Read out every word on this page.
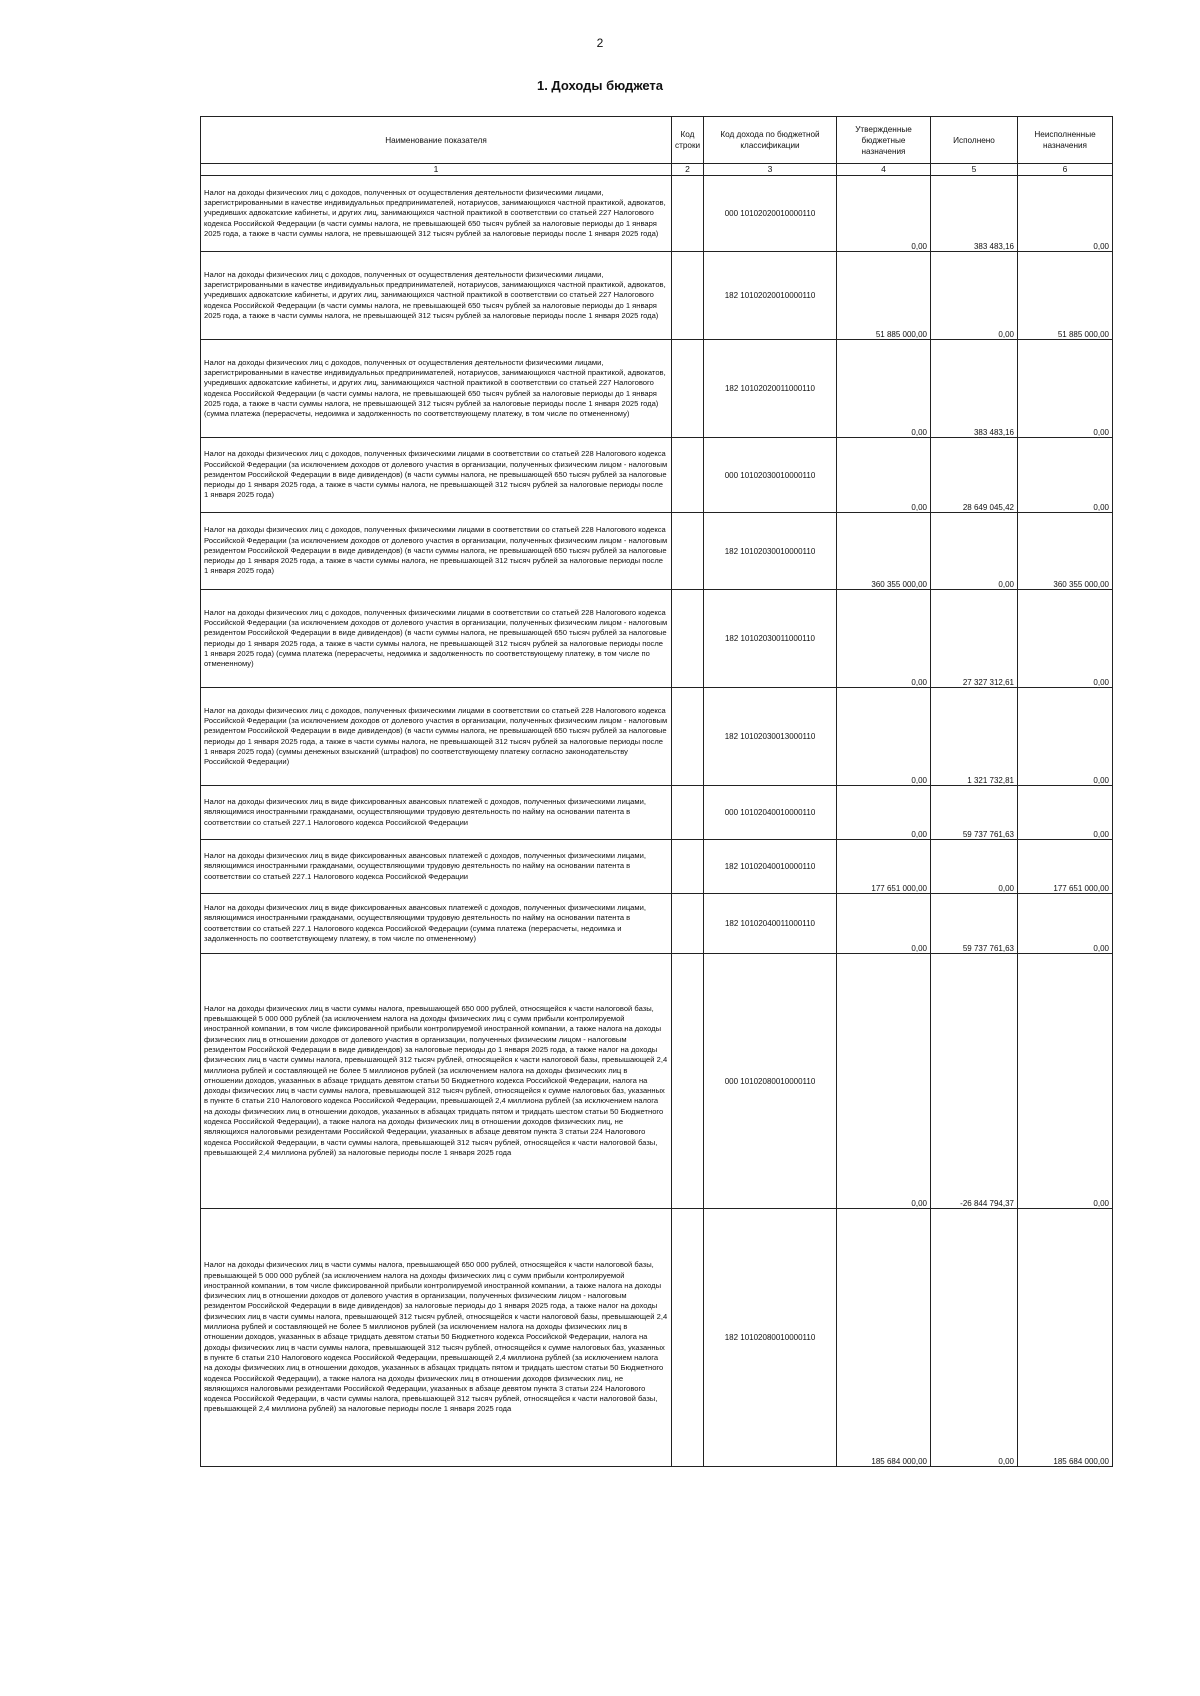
2
1. Доходы бюджета
Наименование показателя	Код строки	Код дохода по бюджетной классификации	Утвержденные бюджетные назначения	Исполнено	Неисполненные назначения
1	2	3	4	5	6
Налог на доходы физических лиц с доходов, полученных от осуществления деятельности физическими лицами, зарегистрированными в качестве индивидуальных предпринимателей, нотариусов, занимающихся частной практикой, адвокатов, учредивших адвокатские кабинеты, и других лиц, занимающихся частной практикой в соответствии со статьей 227 Налогового кодекса Российской Федерации (в части суммы налога, не превышающей 650 тысяч рублей за налоговые периоды до 1 января 2025 года, а также в части суммы налога, не превышающей 312 тысяч рублей за налоговые периоды после 1 января 2025 года)		000 10102020010000110	0,00	383 483,16	0,00
Налог на доходы физических лиц с доходов, полученных от осуществления деятельности физическими лицами, зарегистрированными в качестве индивидуальных предпринимателей, нотариусов, занимающихся частной практикой, адвокатов, учредивших адвокатские кабинеты, и других лиц, занимающихся частной практикой в соответствии со статьей 227 Налогового кодекса Российской Федерации (в части суммы налога, не превышающей 650 тысяч рублей за налоговые периоды до 1 января 2025 года, а также в части суммы налога, не превышающей 312 тысяч рублей за налоговые периоды после 1 января 2025 года)		182 10102020010000110	51 885 000,00	0,00	51 885 000,00
Налог на доходы физических лиц с доходов, полученных от осуществления деятельности физическими лицами, зарегистрированными в качестве индивидуальных предпринимателей, нотариусов, занимающихся частной практикой, адвокатов, учредивших адвокатские кабинеты, и других лиц, занимающихся частной практикой в соответствии со статьей 227 Налогового кодекса Российской Федерации (в части суммы налога, не превышающей 650 тысяч рублей за налоговые периоды до 1 января 2025 года, а также в части суммы налога, не превышающей 312 тысяч рублей за налоговые периоды после 1 января 2025 года) (сумма платежа (перерасчеты, недоимка и задолженность по соответствующему платежу, в том числе по отмененному)		182 10102020011000110	0,00	383 483,16	0,00
Налог на доходы физических лиц с доходов, полученных физическими лицами в соответствии со статьей 228 Налогового кодекса Российской Федерации (за исключением доходов от долевого участия в организации, полученных физическим лицом - налоговым резидентом Российской Федерации в виде дивидендов) (в части суммы налога, не превышающей 650 тысяч рублей за налоговые периоды до 1 января 2025 года, а также в части суммы налога, не превышающей 312 тысяч рублей за налоговые периоды после 1 января 2025 года)		000 10102030010000110	0,00	28 649 045,42	0,00
Налог на доходы физических лиц с доходов, полученных физическими лицами в соответствии со статьей 228 Налогового кодекса Российской Федерации (за исключением доходов от долевого участия в организации, полученных физическим лицом - налоговым резидентом Российской Федерации в виде дивидендов) (в части суммы налога, не превышающей 650 тысяч рублей за налоговые периоды до 1 января 2025 года, а также в части суммы налога, не превышающей 312 тысяч рублей за налоговые периоды после 1 января 2025 года)		182 10102030010000110	360 355 000,00	0,00	360 355 000,00
Налог на доходы физических лиц с доходов, полученных физическими лицами в соответствии со статьей 228 Налогового кодекса Российской Федерации (за исключением доходов от долевого участия в организации, полученных физическим лицом - налоговым резидентом Российской Федерации в виде дивидендов) (в части суммы налога, не превышающей 650 тысяч рублей за налоговые периоды до 1 января 2025 года, а также в части суммы налога, не превышающей 312 тысяч рублей за налоговые периоды после 1 января 2025 года) (сумма платежа (перерасчеты, недоимка и задолженность по соответствующему платежу, в том числе по отмененному)		182 10102030011000110	0,00	27 327 312,61	0,00
Налог на доходы физических лиц с доходов, полученных физическими лицами в соответствии со статьей 228 Налогового кодекса Российской Федерации (за исключением доходов от долевого участия в организации, полученных физическим лицом - налоговым резидентом Российской Федерации в виде дивидендов) (в части суммы налога, не превышающей 650 тысяч рублей за налоговые периоды до 1 января 2025 года, а также в части суммы налога, не превышающей 312 тысяч рублей за налоговые периоды после 1 января 2025 года) (суммы денежных взысканий (штрафов) по соответствующему платежу согласно законодательству Российской Федерации)		182 10102030013000110	0,00	1 321 732,81	0,00
Налог на доходы физических лиц в виде фиксированных авансовых платежей с доходов, полученных физическими лицами, являющимися иностранными гражданами, осуществляющими трудовую деятельность по найму на основании патента в соответствии со статьей 227.1 Налогового кодекса Российской Федерации		000 10102040010000110	0,00	59 737 761,63	0,00
Налог на доходы физических лиц в виде фиксированных авансовых платежей с доходов, полученных физическими лицами, являющимися иностранными гражданами, осуществляющими трудовую деятельность по найму на основании патента в соответствии со статьей 227.1 Налогового кодекса Российской Федерации		182 10102040010000110	177 651 000,00	0,00	177 651 000,00
Налог на доходы физических лиц в виде фиксированных авансовых платежей с доходов, полученных физическими лицами, являющимися иностранными гражданами, осуществляющими трудовую деятельность по найму на основании патента в соответствии со статьей 227.1 Налогового кодекса Российской Федерации (сумма платежа (перерасчеты, недоимка и задолженность по соответствующему платежу, в том числе по отмененному)		182 10102040011000110	0,00	59 737 761,63	0,00
Налог на доходы физических лиц в части суммы налога, превышающей 650 000 рублей, относящейся к части налоговой базы, превышающей 5 000 000 рублей (за исключением налога на доходы физических лиц с сумм прибыли контролируемой иностранной компании, в том числе фиксированной прибыли контролируемой иностранной компании, а также налога на доходы физических лиц в отношении доходов от долевого участия в организации, полученных физическим лицом - налоговым резидентом Российской Федерации в виде дивидендов) за налоговые периоды до 1 января 2025 года, а также налог на доходы физических лиц в части суммы налога, превышающей 312 тысяч рублей, относящейся к части налоговой базы, превышающей 2,4 миллиона рублей и составляющей не более 5 миллионов рублей (за исключением налога на доходы физических лиц в отношении доходов, указанных в абзаце тридцать девятом статьи 50 Бюджетного кодекса Российской Федерации, налога на доходы физических лиц в части суммы налога, превышающей 312 тысяч рублей, относящейся к сумме налоговых баз, указанных в пункте 6 статьи 210 Налогового кодекса Российской Федерации, превышающей 2,4 миллиона рублей (за исключением налога на доходы физических лиц в отношении доходов, указанных в абзацах тридцать пятом и тридцать шестом статьи 50 Бюджетного кодекса Российской Федерации), а также налога на доходы физических лиц в отношении доходов физических лиц, не являющихся налоговыми резидентами Российской Федерации, указанных в абзаце девятом пункта 3 статьи 224 Налогового кодекса Российской Федерации, в части суммы налога, превышающей 312 тысяч рублей, относящейся к части налоговой базы, превышающей 2,4 миллиона рублей) за налоговые периоды после 1 января 2025 года		000 10102080010000110	0,00	-26 844 794,37	0,00
Налог на доходы физических лиц в части суммы налога, превышающей 650 000 рублей, относящейся к части налоговой базы, превышающей 5 000 000 рублей (за исключением налога на доходы физических лиц с сумм прибыли контролируемой иностранной компании, в том числе фиксированной прибыли контролируемой иностранной компании, а также налога на доходы физических лиц в отношении доходов от долевого участия в организации, полученных физическим лицом - налоговым резидентом Российской Федерации в виде дивидендов) за налоговые периоды до 1 января 2025 года, а также налог на доходы физических лиц в части суммы налога, превышающей 312 тысяч рублей, относящейся к части налоговой базы, превышающей 2,4 миллиона рублей и составляющей не более 5 миллионов рублей (за исключением налога на доходы физических лиц в отношении доходов, указанных в абзаце тридцать девятом статьи 50 Бюджетного кодекса Российской Федерации, налога на доходы физических лиц в части суммы налога, превышающей 312 тысяч рублей, относящейся к сумме налоговых баз, указанных в пункте 6 статьи 210 Налогового кодекса Российской Федерации, превышающей 2,4 миллиона рублей (за исключением налога на доходы физических лиц в отношении доходов, указанных в абзацах тридцать пятом и тридцать шестом статьи 50 Бюджетного кодекса Российской Федерации), а также налога на доходы физических лиц в отношении доходов физических лиц, не являющихся налоговыми резидентами Российской Федерации, указанных в абзаце девятом пункта 3 статьи 224 Налогового кодекса Российской Федерации, в части суммы налога, превышающей 312 тысяч рублей, относящейся к части налоговой базы, превышающей 2,4 миллиона рублей) за налоговые периоды после 1 января 2025 года		182 10102080010000110	185 684 000,00	0,00	185 684 000,00
